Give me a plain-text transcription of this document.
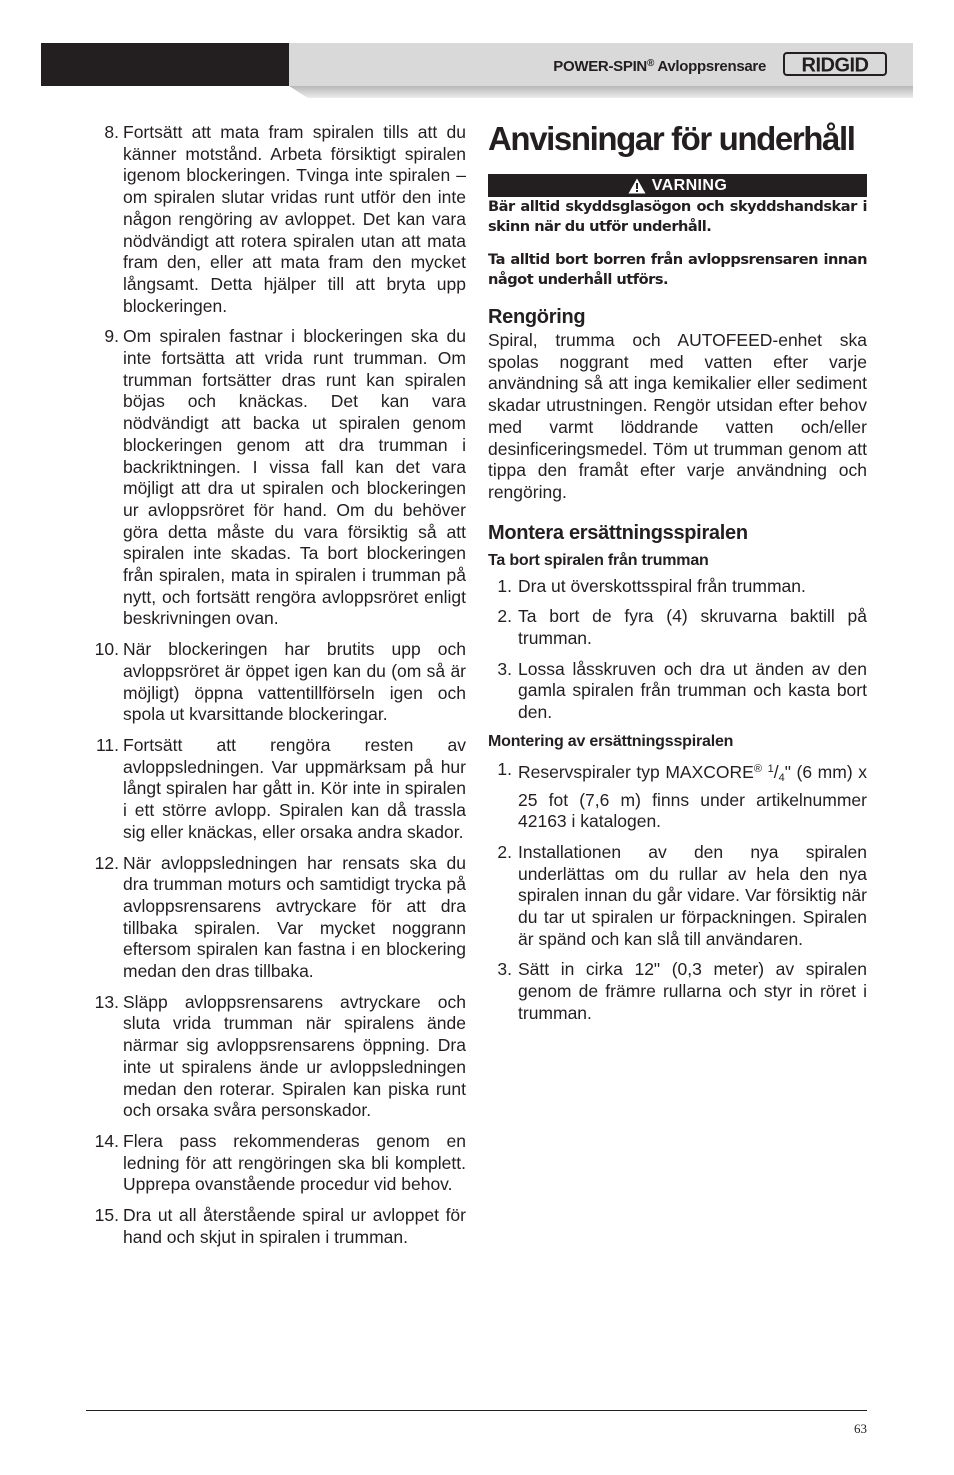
POWER-SPIN® Avloppsrensare RIDGID
8. Fortsätt att mata fram spiralen tills att du känner motstånd. Arbeta försiktigt spiralen igenom blockeringen. Tvinga inte spiralen – om spiralen slutar vridas runt utför den inte någon rengöring av avloppet. Det kan vara nödvändigt att rotera spiralen utan att mata fram den, eller att mata fram den mycket långsamt. Detta hjälper till att bryta upp blockeringen.
9. Om spiralen fastnar i blockeringen ska du inte fortsätta att vrida runt trumman. Om trumman fortsätter dras runt kan spiralen böjas och knäckas. Det kan vara nödvändigt att backa ut spiralen genom blockeringen genom att dra trumman i backriktningen. I vissa fall kan det vara möjligt att dra ut spiralen och blockeringen ur avloppsröret för hand. Om du behöver göra detta måste du vara försiktig så att spiralen inte skadas. Ta bort blockeringen från spiralen, mata in spiralen i trumman på nytt, och fortsätt rengöra avloppsröret enligt beskrivningen ovan.
10. När blockeringen har brutits upp och avloppsröret är öppet igen kan du (om så är möjligt) öppna vattentillförseln igen och spola ut kvarsittande blockeringar.
11. Fortsätt att rengöra resten av avloppsledningen. Var uppmärksam på hur långt spiralen har gått in. Kör inte in spiralen i ett större avlopp. Spiralen kan då trassla sig eller knäckas, eller orsaka andra skador.
12. När avloppsledningen har rensats ska du dra trumman moturs och samtidigt trycka på avloppsrensarens avtryckare för att dra tillbaka spiralen. Var mycket noggrann eftersom spiralen kan fastna i en blockering medan den dras tillbaka.
13. Släpp avloppsrensarens avtryckare och sluta vrida trumman när spiralens ände närmar sig avloppsrensarens öppning. Dra inte ut spiralens ände ur avloppsledningen medan den roterar. Spiralen kan piska runt och orsaka svåra personskador.
14. Flera pass rekommenderas genom en ledning för att rengöringen ska bli komplett. Upprepa ovanstående procedur vid behov.
15. Dra ut all återstående spiral ur avloppet för hand och skjut in spiralen i trumman.
Anvisningar för underhåll
VARNING

Bär alltid skyddsglasögon och skyddshandskar i skinn när du utför underhåll.

Ta alltid bort borren från avloppsrensaren innan något underhåll utförs.

Rengöring

Spiral, trumma och AUTOFEED-enhet ska spolas noggrant med vatten efter varje användning så att inga kemikalier eller sediment skadar utrustningen. Rengör utsidan efter behov med varmt löddrande vatten och/eller desinficeringsmedel. Töm ut trumman genom att tippa den framåt efter varje användning och rengöring.

Montera ersättningsspiralen
Ta bort spiralen från trumman
1. Dra ut överskottsspiral från trumman.
2. Ta bort de fyra (4) skruvarna baktill på trumman.
3. Lossa låsskruven och dra ut änden av den gamla spiralen från trumman och kasta bort den.
Montering av ersättningsspiralen
1. Reservspiraler typ MAXCORE® $^1$/4" (6 mm) x 25 fot (7,6 m) finns under artikelnummer 42163 i katalogen.
2. Installationen av den nya spiralen underlättas om du rullar av hela den nya spiralen innan du går vidare. Var försiktig när du tar ut spiralen ur förpackningen. Spiralen är spänd och kan slå till användaren.
3. Sätt in cirka 12" (0,3 meter) av spiralen genom de främre rullarna och styr in röret i trumman.
63
